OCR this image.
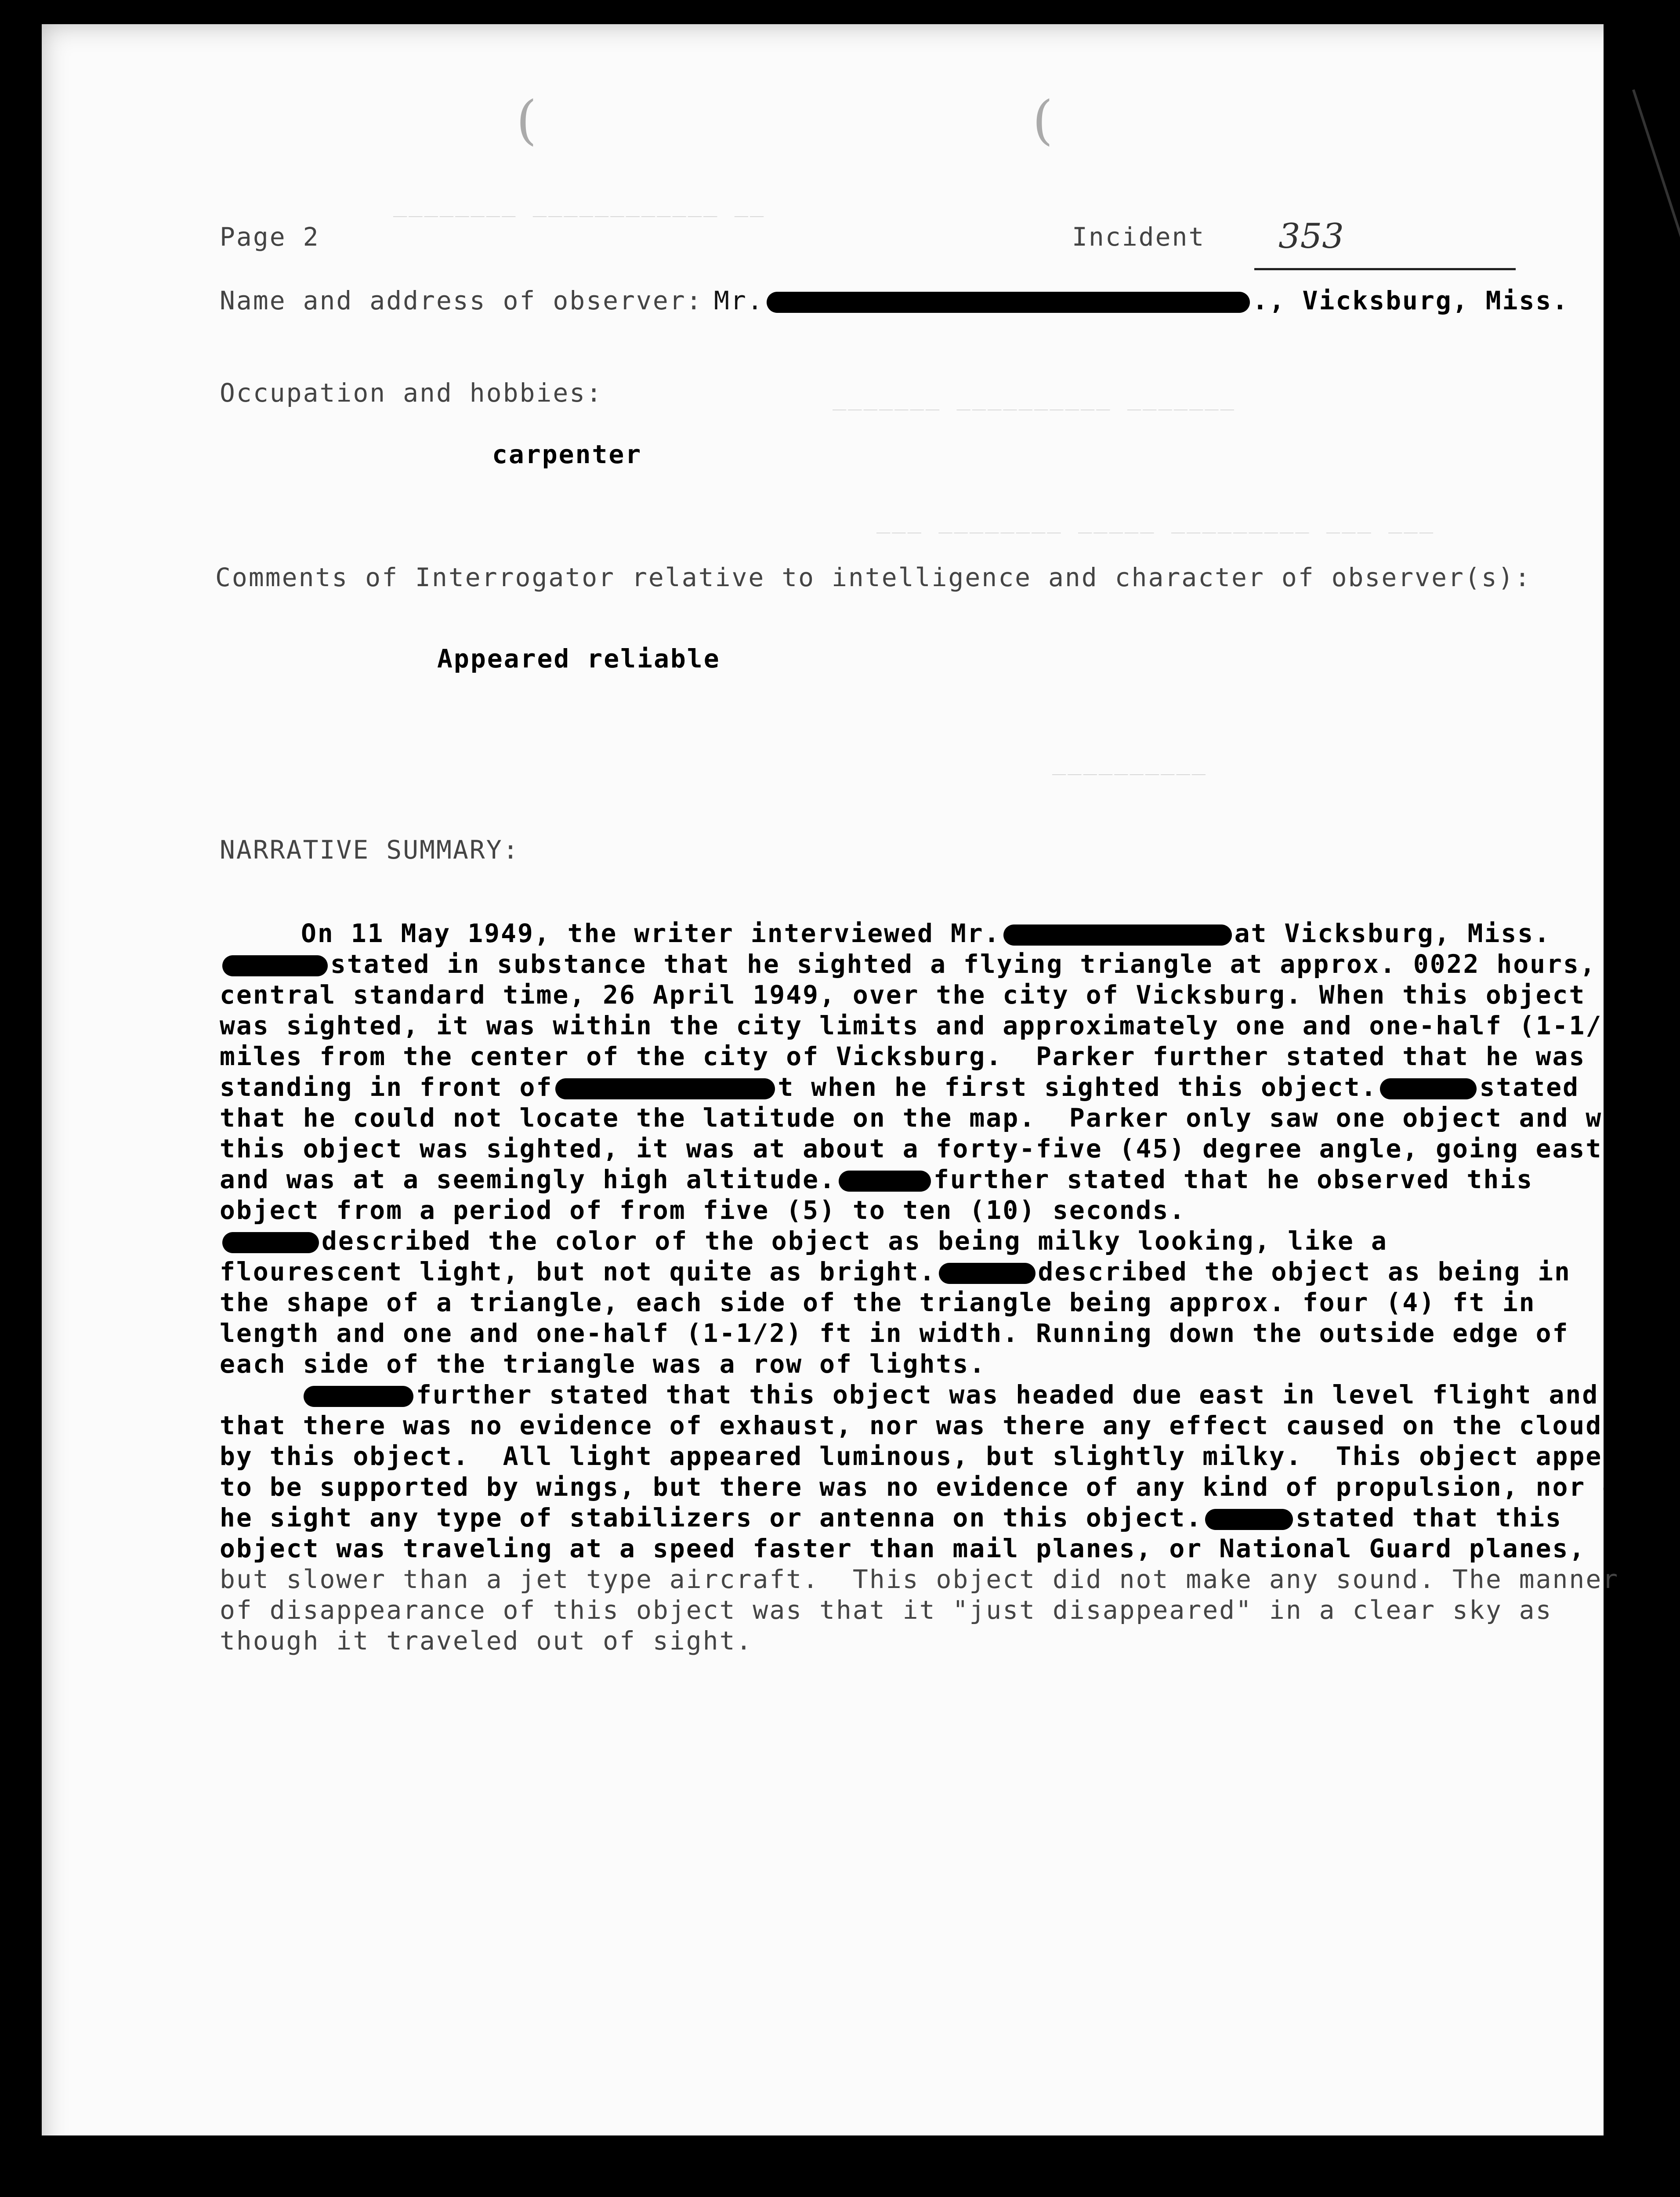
(	(
________ ____________ __
_______ __________ _______
___ ________ _____ _________ ___ ___
__________
Page 2	Incident 353
Name and address of observer: Mr.	., Vicksburg, Miss.
Occupation and hobbies:
carpenter
Comments of Interrogator relative to intelligence and character of observer(s):
Appeared reliable
NARRATIVE SUMMARY:
On 11 May 1949, the writer interviewed Mr.	at Vicksburg, Miss.
stated in substance that he sighted a flying triangle at approx. 0022 hours,
central standard time, 26 April 1949, over the city of Vicksburg. When this object
was sighted, it was within the city limits and approximately one and one-half (1-1/2)
miles from the center of the city of Vicksburg.  Parker further stated that he was
standing in front of	t when he first sighted this object.	stated
that he could not locate the latitude on the map.  Parker only saw one object and when
this object was sighted, it was at about a forty-five (45) degree angle, going east,
and was at a seemingly high altitude.	further stated that he observed this
object from a period of from five (5) to ten (10) seconds.
described the color of the object as being milky looking, like a
flourescent light, but not quite as bright.	described the object as being in
the shape of a triangle, each side of the triangle being approx. four (4) ft in
length and one and one-half (1-1/2) ft in width. Running down the outside edge of
each side of the triangle was a row of lights.
further stated that this object was headed due east in level flight and
that there was no evidence of exhaust, nor was there any effect caused on the clouds
by this object.  All light appeared luminous, but slightly milky.  This object appeared
to be supported by wings, but there was no evidence of any kind of propulsion, nor did
he sight any type of stabilizers or antenna on this object.	stated that this
object was traveling at a speed faster than mail planes, or National Guard planes,
but slower than a jet type aircraft.  This object did not make any sound. The manner
of disappearance of this object was that it "just disappeared" in a clear sky as
though it traveled out of sight.
